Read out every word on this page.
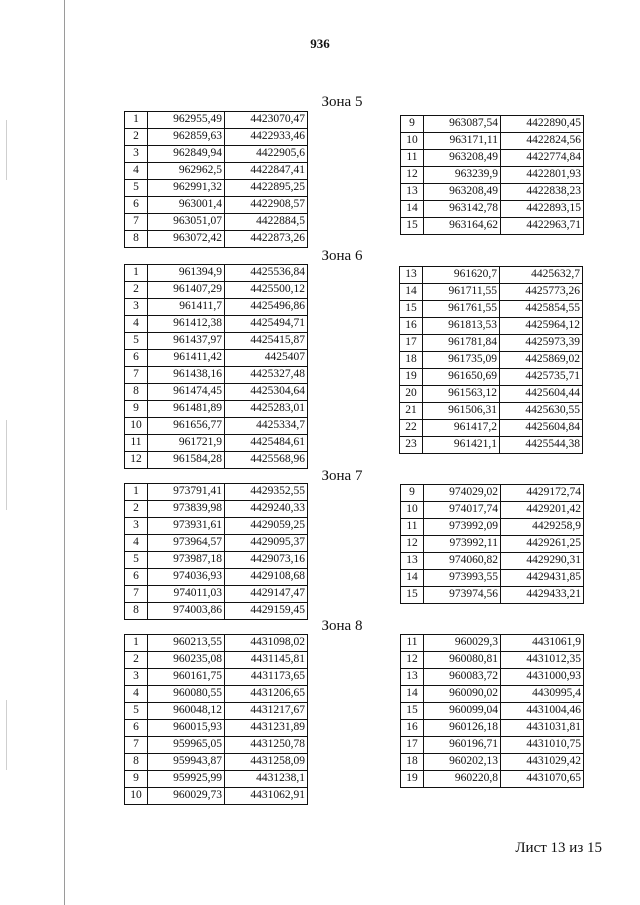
936
Зона 5
1	962955,49	4423070,47
2	962859,63	4422933,46
3	962849,94	4422905,6
4	962962,5	4422847,41
5	962991,32	4422895,25
6	963001,4	4422908,57
7	963051,07	4422884,5
8	963072,42	4422873,26
9	963087,54	4422890,45
10	963171,11	4422824,56
11	963208,49	4422774,84
12	963239,9	4422801,93
13	963208,49	4422838,23
14	963142,78	4422893,15
15	963164,62	4422963,71
Зона 6
1	961394,9	4425536,84
2	961407,29	4425500,12
3	961411,7	4425496,86
4	961412,38	4425494,71
5	961437,97	4425415,87
6	961411,42	4425407
7	961438,16	4425327,48
8	961474,45	4425304,64
9	961481,89	4425283,01
10	961656,77	4425334,7
11	961721,9	4425484,61
12	961584,28	4425568,96
13	961620,7	4425632,7
14	961711,55	4425773,26
15	961761,55	4425854,55
16	961813,53	4425964,12
17	961781,84	4425973,39
18	961735,09	4425869,02
19	961650,69	4425735,71
20	961563,12	4425604,44
21	961506,31	4425630,55
22	961417,2	4425604,84
23	961421,1	4425544,38
Зона 7
1	973791,41	4429352,55
2	973839,98	4429240,33
3	973931,61	4429059,25
4	973964,57	4429095,37
5	973987,18	4429073,16
6	974036,93	4429108,68
7	974011,03	4429147,47
8	974003,86	4429159,45
9	974029,02	4429172,74
10	974017,74	4429201,42
11	973992,09	4429258,9
12	973992,11	4429261,25
13	974060,82	4429290,31
14	973993,55	4429431,85
15	973974,56	4429433,21
Зона 8
1	960213,55	4431098,02
2	960235,08	4431145,81
3	960161,75	4431173,65
4	960080,55	4431206,65
5	960048,12	4431217,67
6	960015,93	4431231,89
7	959965,05	4431250,78
8	959943,87	4431258,09
9	959925,99	4431238,1
10	960029,73	4431062,91
11	960029,3	4431061,9
12	960080,81	4431012,35
13	960083,72	4431000,93
14	960090,02	4430995,4
15	960099,04	4431004,46
16	960126,18	4431031,81
17	960196,71	4431010,75
18	960202,13	4431029,42
19	960220,8	4431070,65
Лист 13 из 15
